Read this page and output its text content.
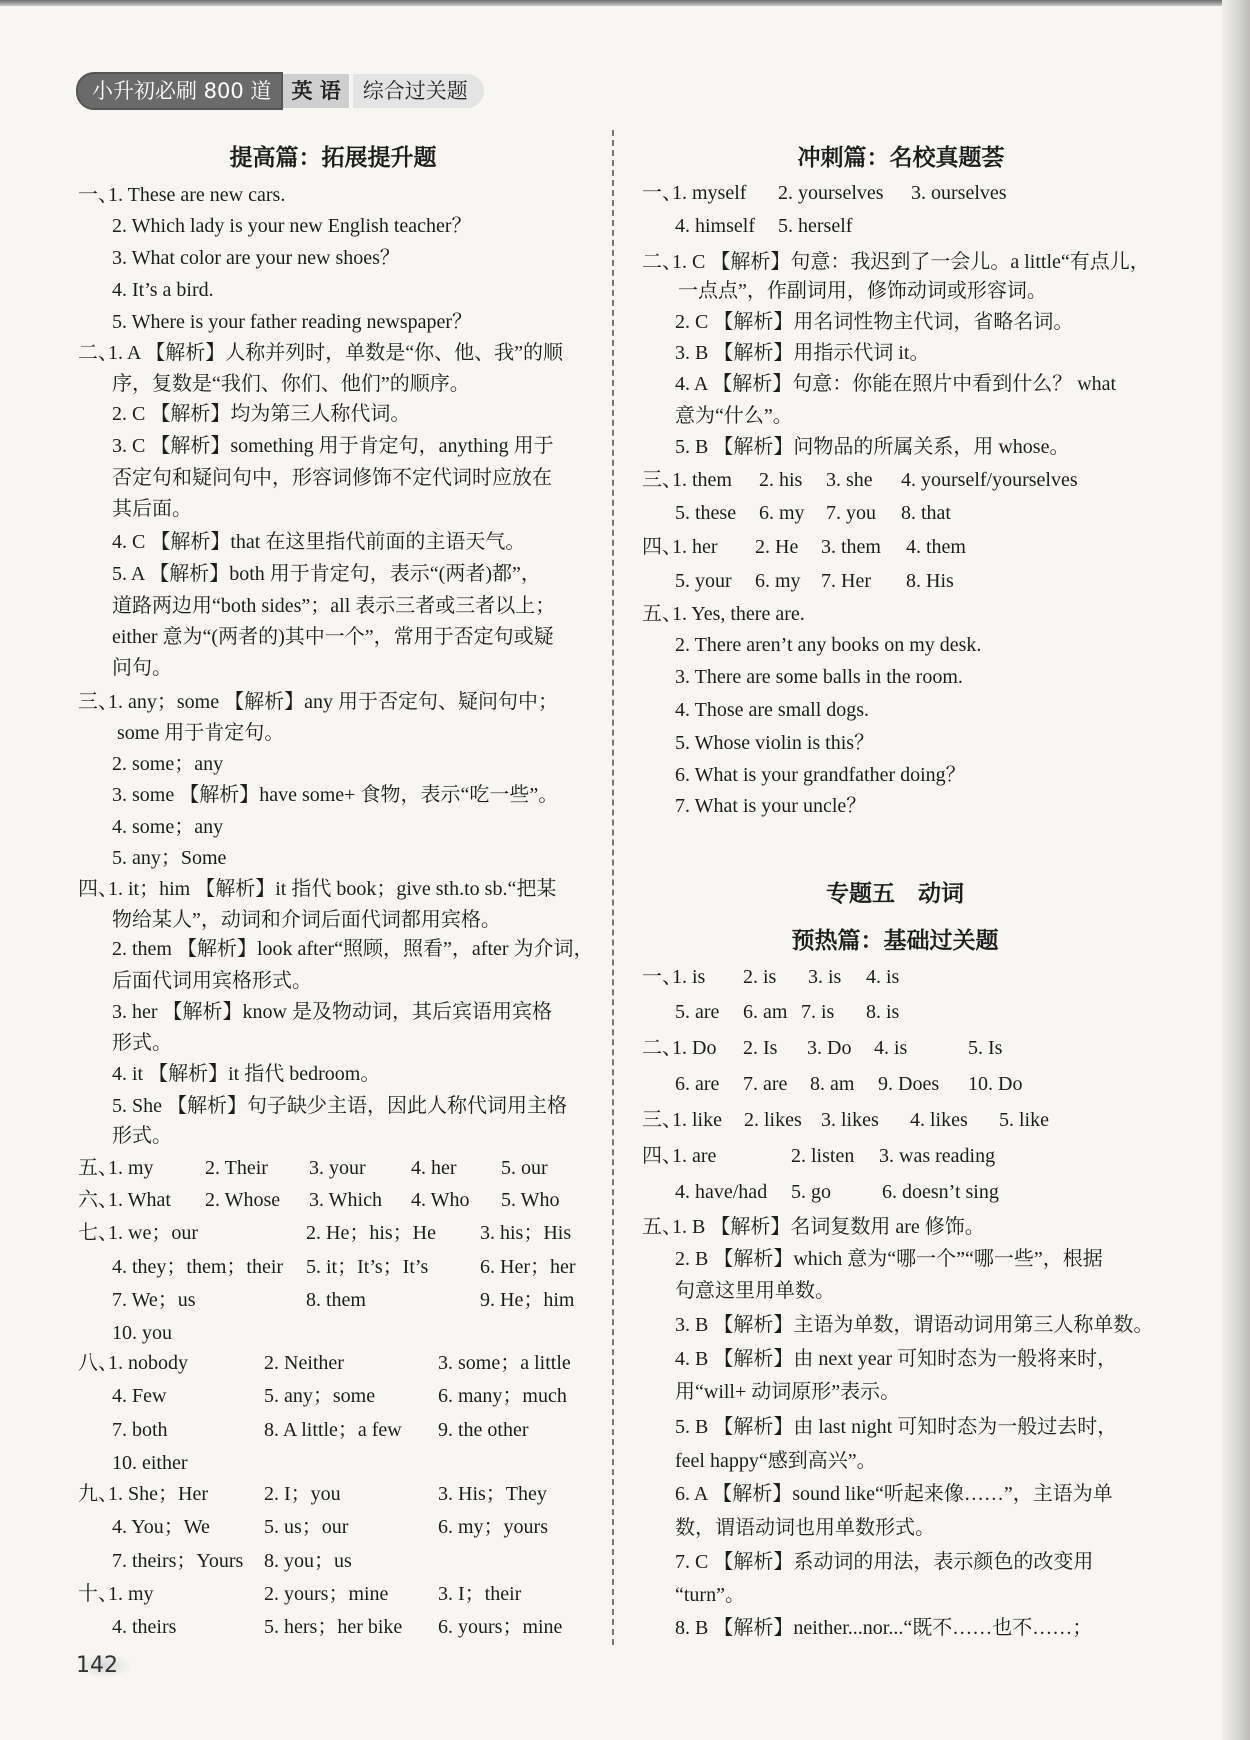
小升初必刷 800 道 英 语	综合过关题
提高篇：拓展提升题	冲刺篇：名校真题荟
专题五　动词
预热篇：基础过关题
一、
1. These are new cars.
2. Which lady is your new English teacher？
3. What color are your new shoes？
4. It’s a bird.
5. Where is your father reading newspaper？
二、
1. A 【解析】人称并列时，单数是“你、他、我”的顺
序，复数是“我们、你们、他们”的顺序。
2. C 【解析】均为第三人称代词。
3. C 【解析】something 用于肯定句，anything 用于
否定句和疑问句中，形容词修饰不定代词时应放在
其后面。
4. C 【解析】that 在这里指代前面的主语天气。
5. A 【解析】both 用于肯定句，表示“(两者)都”，
道路两边用“both sides”；all 表示三者或三者以上；
either 意为“(两者的)其中一个”，常用于否定句或疑
问句。
三、
1. any；some 【解析】any 用于否定句、疑问句中；
some 用于肯定句。
2. some；any
3. some 【解析】have some+ 食物，表示“吃一些”。
4. some；any
5. any；Some
四、
1. it；him 【解析】it 指代 book；give sth.to sb.“把某
物给某人”，动词和介词后面代词都用宾格。
2. them 【解析】look after“照顾，照看”，after 为介词，
后面代词用宾格形式。
3. her 【解析】know 是及物动词，其后宾语用宾格
形式。
4. it 【解析】it 指代 bedroom。
5. She 【解析】句子缺少主语，因此人称代词用主格
形式。
五、
1. my	2. Their 3. your 4. her 5. our
六、
1. What 2. Whose 3. Which 4. Who 5. Who
七、
1. we；our	2. He；his；He 3. his；His
4. they；them；their 5. it；It’s；It’s	6. Her；her
7. We；us	8. them	9. He；him
10. you
八、
1. nobody	2. Neither	3. some；a little
4. Few	5. any；some	6. many；much
7. both	8. A little；a few 9. the other
10. either
九、
1. She；Her	2. I；you	3. His；They
4. You；We	5. us；our	6. my；yours
7. theirs；Yours 8. you；us
十、
1. my	2. yours；mine 3. I；their
4. theirs	5. hers；her bike 6. yours；mine
一、
1. myself 2. yourselves 3. ourselves
4. himself 5. herself
二、
1. C 【解析】句意：我迟到了一会儿。a little“有点儿，
一点点”，作副词用，修饰动词或形容词。
2. C 【解析】用名词性物主代词，省略名词。
3. B 【解析】用指示代词 it。
4. A 【解析】句意：你能在照片中看到什么？ what
意为“什么”。
5. B 【解析】问物品的所属关系，用 whose。
三、
1. them 2. his 3. she 4. yourself/yourselves
5. these 6. my 7. you 8. that
四、
1. her 2. He 3. them 4. them
5. your 6. my 7. Her 8. His
五、
1. Yes, there are.
2. There aren’t any books on my desk.
3. There are some balls in the room.
4. Those are small dogs.
5. Whose violin is this？
6. What is your grandfather doing？
7. What is your uncle？
一、
1. is 2. is 3. is 4. is
5. are 6. am 7. is 8. is
二、
1. Do 2. Is 3. Do 4. is	5. Is
6. are 7. are 8. am 9. Does 10. Do
三、
1. like 2. likes 3. likes 4. likes 5. like
四、
1. are	2. listen 3. was reading
4. have/had 5. go	6. doesn’t sing
五、
1. B 【解析】名词复数用 are 修饰。
2. B 【解析】which 意为“哪一个”“哪一些”，根据
句意这里用单数。
3. B 【解析】主语为单数，谓语动词用第三人称单数。
4. B 【解析】由 next year 可知时态为一般将来时，
用“will+ 动词原形”表示。
5. B 【解析】由 last night 可知时态为一般过去时，
feel happy“感到高兴”。
6. A 【解析】sound like“听起来像……”，主语为单
数，谓语动词也用单数形式。
7. C 【解析】系动词的用法，表示颜色的改变用
“turn”。
8. B 【解析】neither...nor...“既不……也不……；
142
